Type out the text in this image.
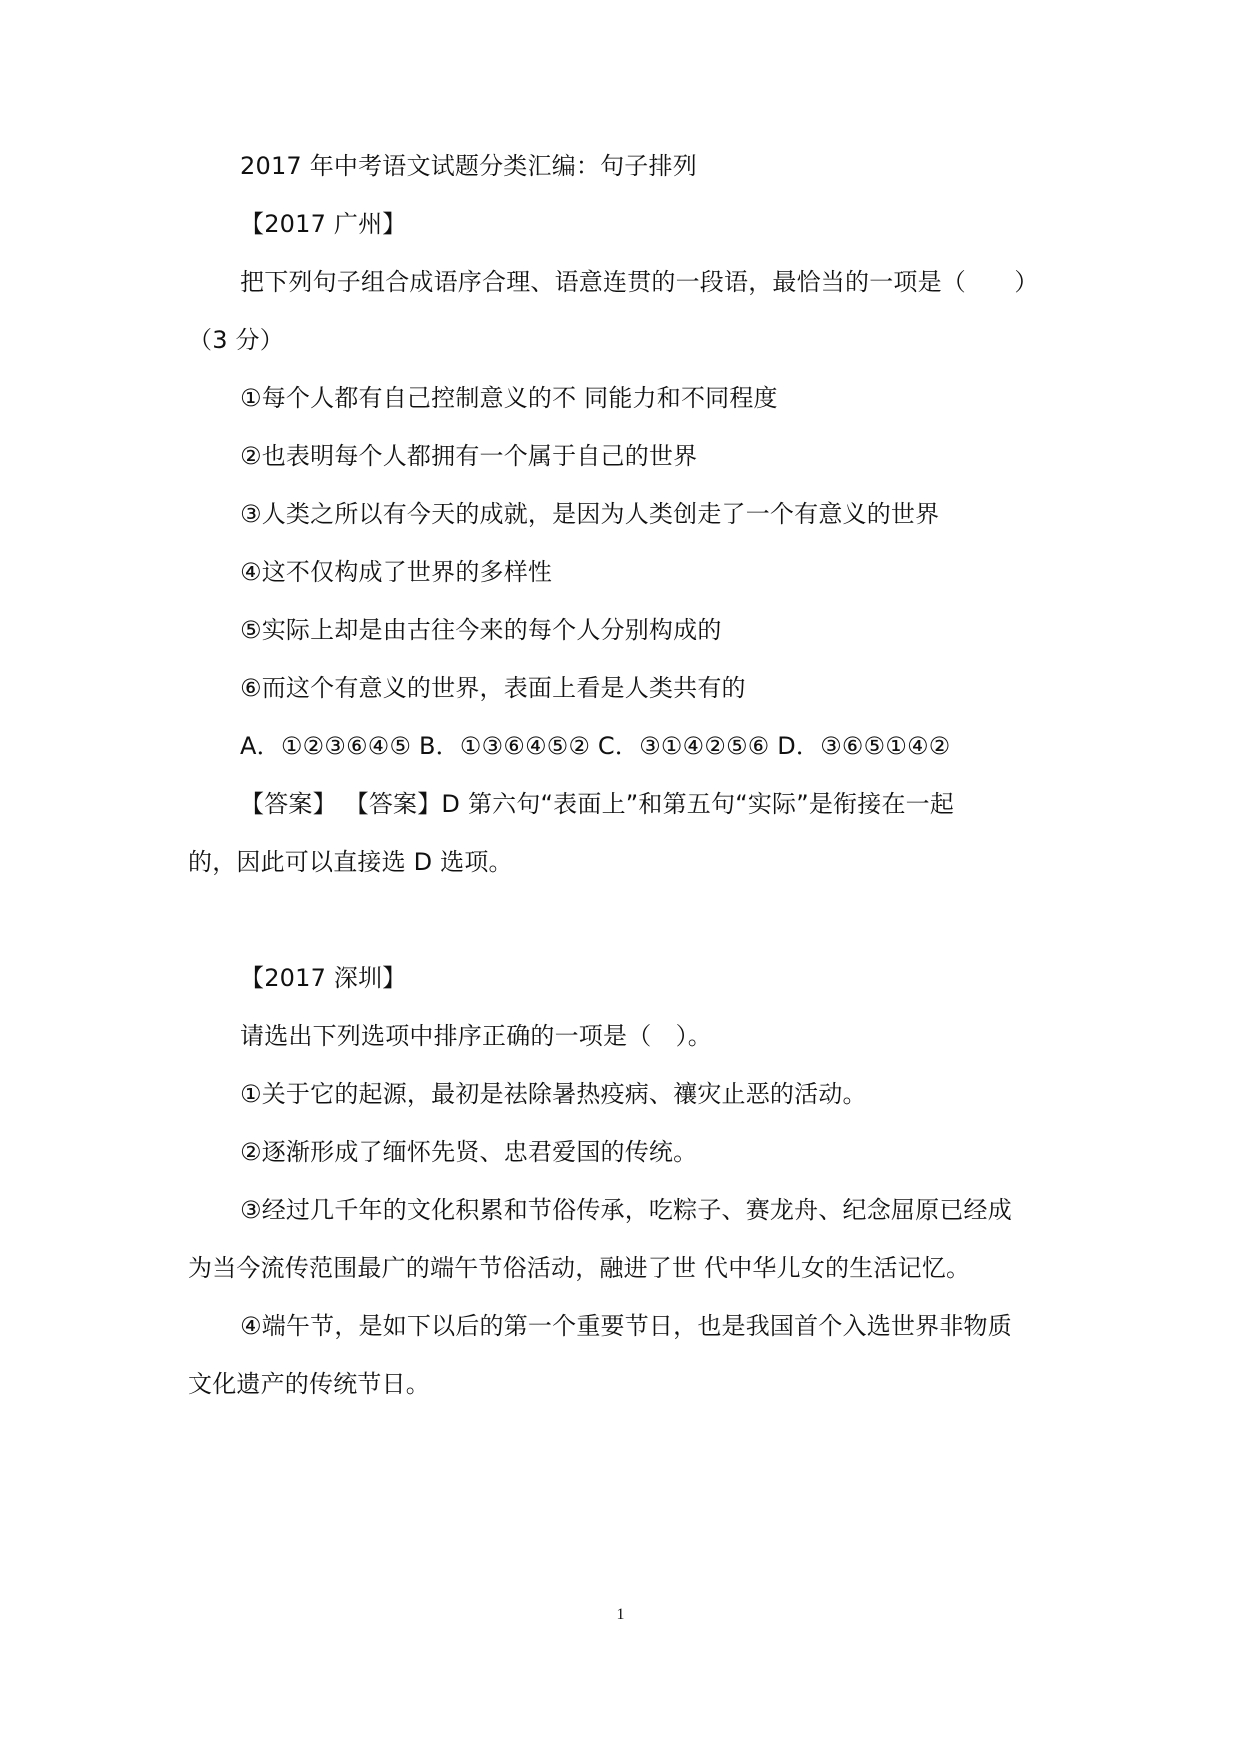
2017 年中考语文试题分类汇编：句子排列
【2017 广州】
把下列句子组合成语序合理、语意连贯的一段语，最恰当的一项是（　　）
（3 分）
①每个人都有自己控制意义的不 同能力和不同程度
②也表明每个人都拥有一个属于自己的世界
③人类之所以有今天的成就，是因为人类创走了一个有意义的世界
④这不仅构成了世界的多样性
⑤实际上却是由古往今来的每个人分别构成的
⑥而这个有意义的世界，表面上看是人类共有的
A．①②③⑥④⑤ B．①③⑥④⑤② C．③①④②⑤⑥ D．③⑥⑤①④②
【答案】 【答案】D 第六句“表面上”和第五句“实际”是衔接在一起
的，因此可以直接选 D 选项。
【2017 深圳】
请选出下列选项中排序正确的一项是（　）。
①关于它的起源，最初是祛除暑热疫病、禳灾止恶的活动。
②逐渐形成了缅怀先贤、忠君爱国的传统。
③经过几千年的文化积累和节俗传承，吃粽子、赛龙舟、纪念屈原已经成
为当今流传范围最广的端午节俗活动，融进了世 代中华儿女的生活记忆。
④端午节，是如下以后的第一个重要节日，也是我国首个入选世界非物质
文化遗产的传统节日。
1
